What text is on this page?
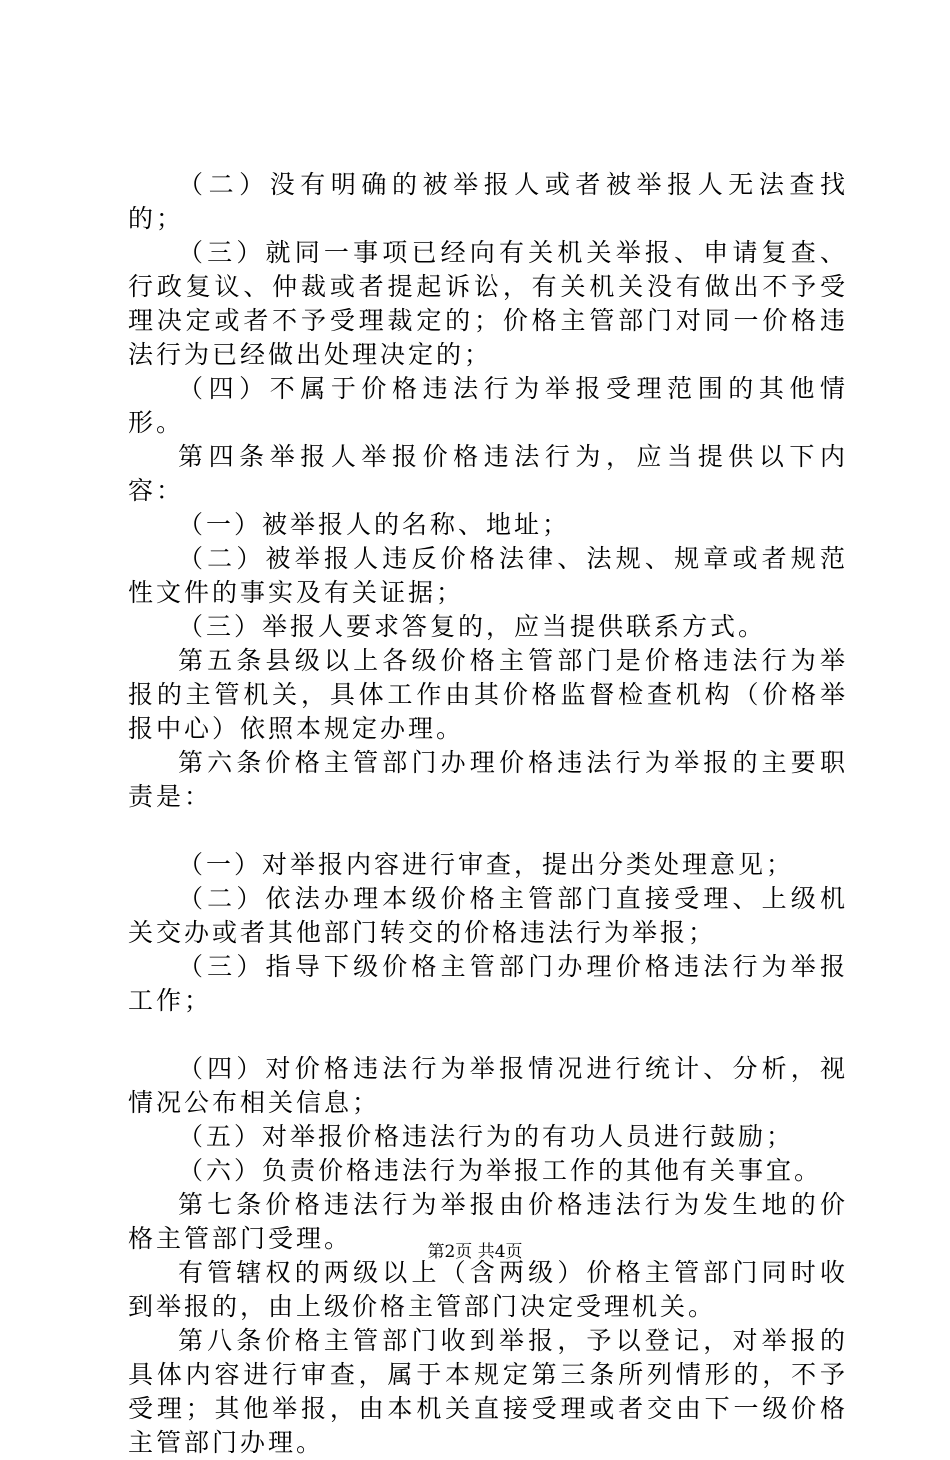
（二）没有明确的被举报人或者被举报人无法查找的；

（三）就同一事项已经向有关机关举报、申请复查、行政复议、仲裁或者提起诉讼，有关机关没有做出不予受理决定或者不予受理裁定的；价格主管部门对同一价格违法行为已经做出处理决定的；

（四）不属于价格违法行为举报受理范围的其他情形。

第四条举报人举报价格违法行为，应当提供以下内容：

（一）被举报人的名称、地址；

（二）被举报人违反价格法律、法规、规章或者规范性文件的事实及有关证据；

（三）举报人要求答复的，应当提供联系方式。

第五条县级以上各级价格主管部门是价格违法行为举报的主管机关，具体工作由其价格监督检查机构（价格举报中心）依照本规定办理。

第六条价格主管部门办理价格违法行为举报的主要职责是：

（一）对举报内容进行审查，提出分类处理意见；

（二）依法办理本级价格主管部门直接受理、上级机关交办或者其他部门转交的价格违法行为举报；

（三）指导下级价格主管部门办理价格违法行为举报工作；

（四）对价格违法行为举报情况进行统计、分析，视情况公布相关信息；

（五）对举报价格违法行为的有功人员进行鼓励；

（六）负责价格违法行为举报工作的其他有关事宜。

第七条价格违法行为举报由价格违法行为发生地的价格主管部门受理。

有管辖权的两级以上（含两级）价格主管部门同时收到举报的，由上级价格主管部门决定受理机关。

第八条价格主管部门收到举报，予以登记，对举报的具体内容进行审查，属于本规定第三条所列情形的，不予受理；其他举报，由本机关直接受理或者交由下一级价格主管部门办理。

第2页 共4页
